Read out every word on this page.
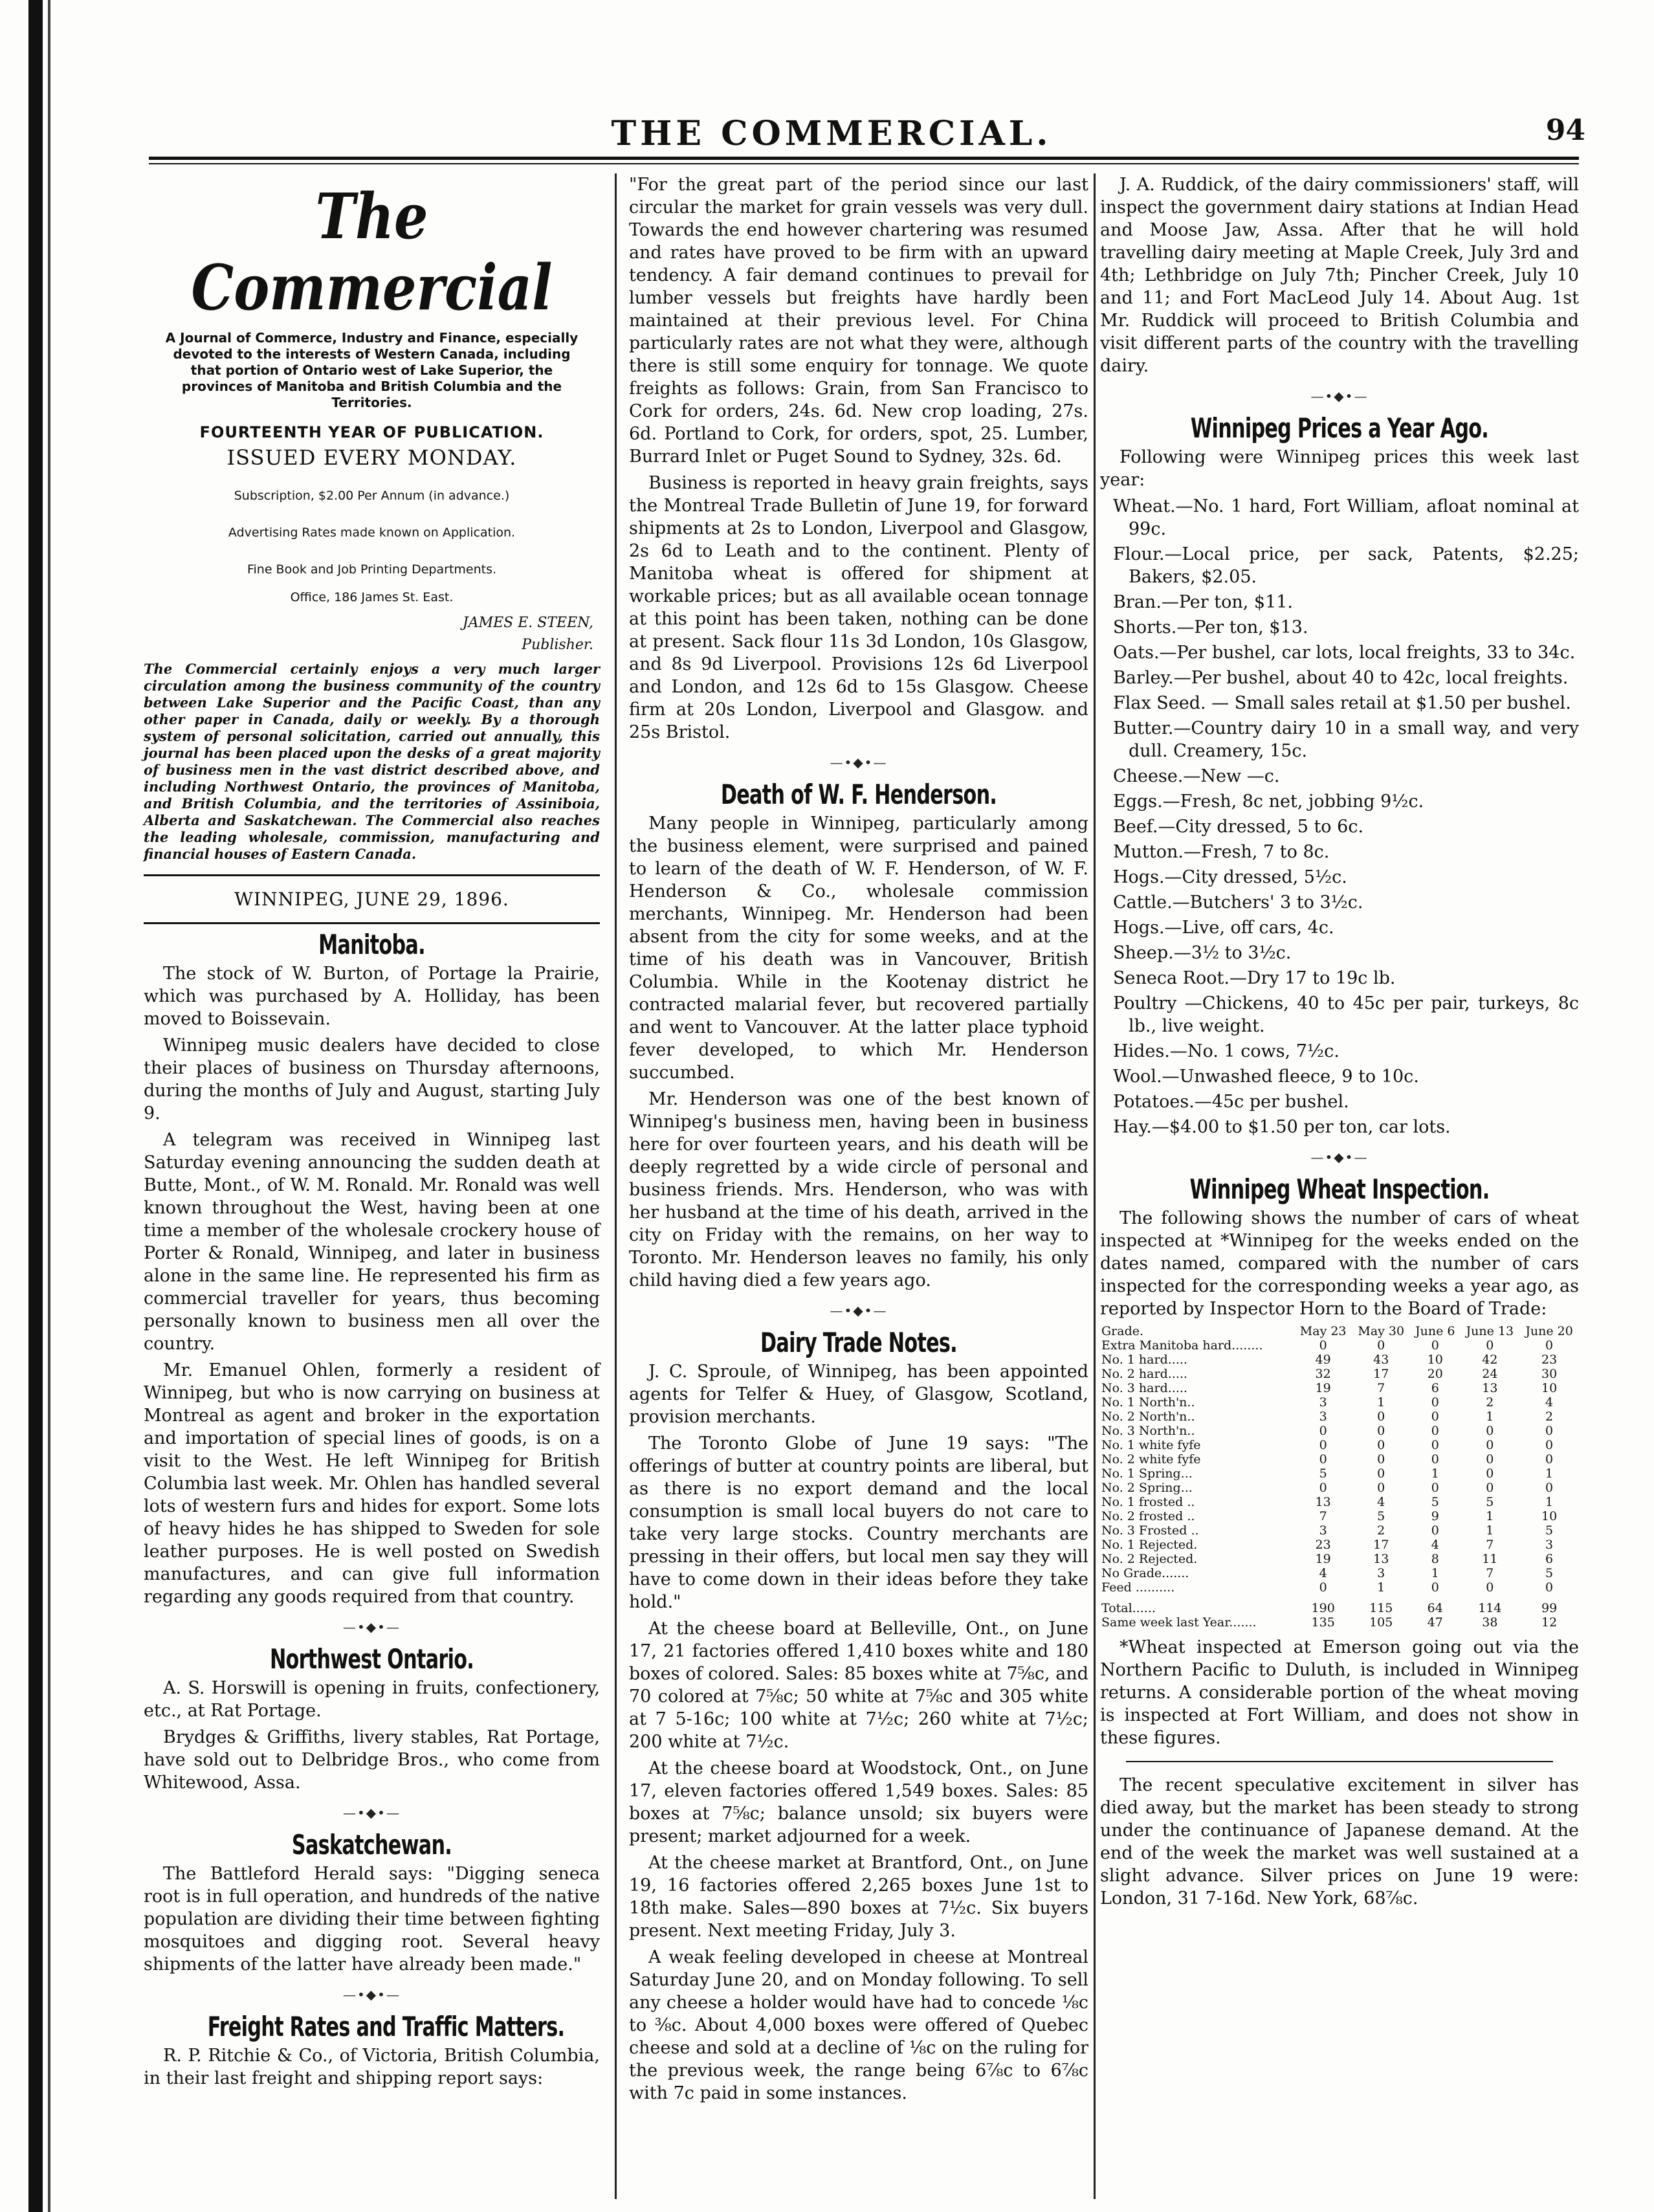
THE COMMERCIAL.	94
The Commercial
A Journal of Commerce, Industry and Finance, especially devoted to the interests of Western Canada, including that portion of Ontario west of Lake Superior, the provinces of Manitoba and British Columbia and the Territories.
FOURTEENTH YEAR OF PUBLICATION.
ISSUED EVERY MONDAY.
Subscription, $2.00 Per Annum (in advance.)
Advertising Rates made known on Application.
Fine Book and Job Printing Departments.
Office, 186 James St. East.
JAMES E. STEEN,
Publisher.
The Commercial certainly enjoys a very much larger circulation among the business community of the country between Lake Superior and the Pacific Coast, than any other paper in Canada, daily or weekly. By a thorough system of personal solicitation, carried out annually, this journal has been placed upon the desks of a great majority of business men in the vast district described above, and including Northwest Ontario, the provinces of Manitoba, and British Columbia, and the territories of Assiniboia, Alberta and Saskatchewan. The Commercial also reaches the leading wholesale, commission, manufacturing and financial houses of Eastern Canada.
WINNIPEG, JUNE 29, 1896.
Manitoba.

The stock of W. Burton, of Portage la Prairie, which was purchased by A. Holliday, has been moved to Boissevain.

Winnipeg music dealers have decided to close their places of business on Thursday afternoons, during the months of July and August, starting July 9.

A telegram was received in Winnipeg last Saturday evening announcing the sudden death at Butte, Mont., of W. M. Ronald. Mr. Ronald was well known throughout the West, having been at one time a member of the wholesale crockery house of Porter & Ronald, Winnipeg, and later in business alone in the same line. He represented his firm as commercial traveller for years, thus becoming personally known to business men all over the country.

Mr. Emanuel Ohlen, formerly a resident of Winnipeg, but who is now carrying on business at Montreal as agent and broker in the exportation and importation of special lines of goods, is on a visit to the West. He left Winnipeg for British Columbia last week. Mr. Ohlen has handled several lots of western furs and hides for export. Some lots of heavy hides he has shipped to Sweden for sole leather purposes. He is well posted on Swedish manufactures, and can give full information regarding any goods required from that country.

—•◆•—
Northwest Ontario.

A. S. Horswill is opening in fruits, confectionery, etc., at Rat Portage.

Brydges & Griffiths, livery stables, Rat Portage, have sold out to Delbridge Bros., who come from Whitewood, Assa.

—•◆•—
Saskatchewan.

The Battleford Herald says: "Digging seneca root is in full operation, and hundreds of the native population are dividing their time between fighting mosquitoes and digging root. Several heavy shipments of the latter have already been made."

—•◆•—
Freight Rates and Traffic Matters.

R. P. Ritchie & Co., of Victoria, British Columbia, in their last freight and shipping report says:

"For the great part of the period since our last circular the market for grain vessels was very dull. Towards the end however chartering was resumed and rates have proved to be firm with an upward tendency. A fair demand continues to prevail for lumber vessels but freights have hardly been maintained at their previous level. For China particularly rates are not what they were, although there is still some enquiry for tonnage. We quote freights as follows: Grain, from San Francisco to Cork for orders, 24s. 6d. New crop loading, 27s. 6d. Portland to Cork, for orders, spot, 25. Lumber, Burrard Inlet or Puget Sound to Sydney, 32s. 6d.

Business is reported in heavy grain freights, says the Montreal Trade Bulletin of June 19, for forward shipments at 2s to London, Liverpool and Glasgow, 2s 6d to Leath and to the continent. Plenty of Manitoba wheat is offered for shipment at workable prices; but as all available ocean tonnage at this point has been taken, nothing can be done at present. Sack flour 11s 3d London, 10s Glasgow, and 8s 9d Liverpool. Provisions 12s 6d Liverpool and London, and 12s 6d to 15s Glasgow. Cheese firm at 20s London, Liverpool and Glasgow. and 25s Bristol.

—•◆•—
Death of W. F. Henderson.

Many people in Winnipeg, particularly among the business element, were surprised and pained to learn of the death of W. F. Henderson, of W. F. Henderson & Co., wholesale commission merchants, Winnipeg. Mr. Henderson had been absent from the city for some weeks, and at the time of his death was in Vancouver, British Columbia. While in the Kootenay district he contracted malarial fever, but recovered partially and went to Vancouver. At the latter place typhoid fever developed, to which Mr. Henderson succumbed.

Mr. Henderson was one of the best known of Winnipeg's business men, having been in business here for over fourteen years, and his death will be deeply regretted by a wide circle of personal and business friends. Mrs. Henderson, who was with her husband at the time of his death, arrived in the city on Friday with the remains, on her way to Toronto. Mr. Henderson leaves no family, his only child having died a few years ago.

—•◆•—
Dairy Trade Notes.

J. C. Sproule, of Winnipeg, has been appointed agents for Telfer & Huey, of Glasgow, Scotland, provision merchants.

The Toronto Globe of June 19 says: "The offerings of butter at country points are liberal, but as there is no export demand and the local consumption is small local buyers do not care to take very large stocks. Country merchants are pressing in their offers, but local men say they will have to come down in their ideas before they take hold."

At the cheese board at Belleville, Ont., on June 17, 21 factories offered 1,410 boxes white and 180 boxes of colored. Sales: 85 boxes white at 7⅝c, and 70 colored at 7⅝c; 50 white at 7⅝c and 305 white at 7 5-16c; 100 white at 7½c; 260 white at 7½c; 200 white at 7½c.

At the cheese board at Woodstock, Ont., on June 17, eleven factories offered 1,549 boxes. Sales: 85 boxes at 7⅝c; balance unsold; six buyers were present; market adjourned for a week.

At the cheese market at Brantford, Ont., on June 19, 16 factories offered 2,265 boxes June 1st to 18th make. Sales—890 boxes at 7½c. Six buyers present. Next meeting Friday, July 3.

A weak feeling developed in cheese at Montreal Saturday June 20, and on Monday following. To sell any cheese a holder would have had to concede ⅛c to ⅜c. About 4,000 boxes were offered of Quebec cheese and sold at a decline of ⅛c on the ruling for the previous week, the range being 6⅞c to 6⅞c with 7c paid in some instances.

J. A. Ruddick, of the dairy commissioners' staff, will inspect the government dairy stations at Indian Head and Moose Jaw, Assa. After that he will hold travelling dairy meeting at Maple Creek, July 3rd and 4th; Lethbridge on July 7th; Pincher Creek, July 10 and 11; and Fort MacLeod July 14. About Aug. 1st Mr. Ruddick will proceed to British Columbia and visit different parts of the country with the travelling dairy.

—•◆•—
Winnipeg Prices a Year Ago.

Following were Winnipeg prices this week last year:

Wheat.—No. 1 hard, Fort William, afloat nominal at 99c.

Flour.—Local price, per sack, Patents, $2.25; Bakers, $2.05.

Bran.—Per ton, $11.

Shorts.—Per ton, $13.

Oats.—Per bushel, car lots, local freights, 33 to 34c.

Barley.—Per bushel, about 40 to 42c, local freights.

Flax Seed. — Small sales retail at $1.50 per bushel.

Butter.—Country dairy 10 in a small way, and very dull. Creamery, 15c.

Cheese.—New —c.

Eggs.—Fresh, 8c net, jobbing 9½c.

Beef.—City dressed, 5 to 6c.

Mutton.—Fresh, 7 to 8c.

Hogs.—City dressed, 5½c.

Cattle.—Butchers' 3 to 3½c.

Hogs.—Live, off cars, 4c.

Sheep.—3½ to 3½c.

Seneca Root.—Dry 17 to 19c lb.

Poultry —Chickens, 40 to 45c per pair, turkeys, 8c lb., live weight.

Hides.—No. 1 cows, 7½c.

Wool.—Unwashed fleece, 9 to 10c.

Potatoes.—45c per bushel.

Hay.—$4.00 to $1.50 per ton, car lots.

—•◆•—
Winnipeg Wheat Inspection.

The following shows the number of cars of wheat inspected at *Winnipeg for the weeks ended on the dates named, compared with the number of cars inspected for the corresponding weeks a year ago, as reported by Inspector Horn to the Board of Trade:

Grade.	May 23	May 30	June 6	June 13	June 20
Extra Manitoba hard........	0	0	0	0	0
No. 1 hard.....	49	43	10	42	23
No. 2 hard.....	32	17	20	24	30
No. 3 hard.....	19	7	6	13	10
No. 1 North'n..	3	1	0	2	4
No. 2 North'n..	3	0	0	1	2
No. 3 North'n..	0	0	0	0	0
No. 1 white fyfe	0	0	0	0	0
No. 2 white fyfe	0	0	0	0	0
No. 1 Spring...	5	0	1	0	1
No. 2 Spring...	0	0	0	0	0
No. 1 frosted ..	13	4	5	5	1
No. 2 frosted ..	7	5	9	1	10
No. 3 Frosted ..	3	2	0	1	5
No. 1 Rejected.	23	17	4	7	3
No. 2 Rejected.	19	13	8	11	6
No Grade.......	4	3	1	7	5
Feed ..........	0	1	0	0	0
Total......	190	115	64	114	99
Same week last Year.......	135	105	47	38	12

*Wheat inspected at Emerson going out via the Northern Pacific to Duluth, is included in Winnipeg returns. A considerable portion of the wheat moving is inspected at Fort William, and does not show in these figures.

The recent speculative excitement in silver has died away, but the market has been steady to strong under the continuance of Japanese demand. At the end of the week the market was well sustained at a slight advance. Silver prices on June 19 were: London, 31 7-16d. New York, 68⅞c.
